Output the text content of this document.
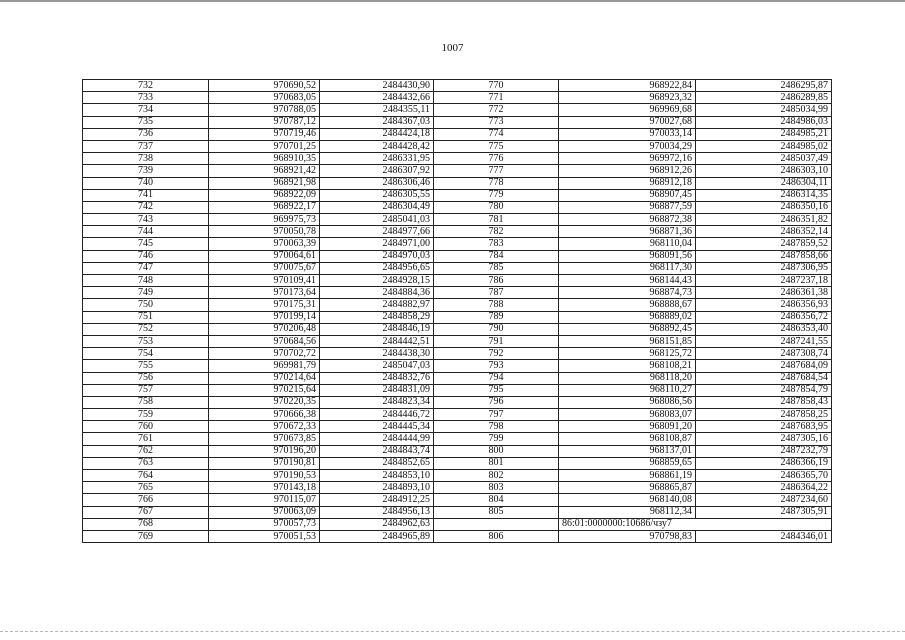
1007
732	970690,52	2484430,90	770	968922,84	2486295,87
733	970683,05	2484432,66	771	968923,32	2486289,85
734	970788,05	2484355,11	772	969969,68	2485034,99
735	970787,12	2484367,03	773	970027,68	2484986,03
736	970719,46	2484424,18	774	970033,14	2484985,21
737	970701,25	2484428,42	775	970034,29	2484985,02
738	968910,35	2486331,95	776	969972,16	2485037,49
739	968921,42	2486307,92	777	968912,26	2486303,10
740	968921,98	2486306,46	778	968912,18	2486304,11
741	968922,09	2486305,55	779	968907,45	2486314,35
742	968922,17	2486304,49	780	968877,59	2486350,16
743	969975,73	2485041,03	781	968872,38	2486351,82
744	970050,78	2484977,66	782	968871,36	2486352,14
745	970063,39	2484971,00	783	968110,04	2487859,52
746	970064,61	2484970,03	784	968091,56	2487858,66
747	970075,67	2484956,65	785	968117,30	2487306,95
748	970109,41	2484928,15	786	968144,43	2487237,18
749	970173,64	2484884,36	787	968874,73	2486361,38
750	970175,31	2484882,97	788	968888,67	2486356,93
751	970199,14	2484858,29	789	968889,02	2486356,72
752	970206,48	2484846,19	790	968892,45	2486353,40
753	970684,56	2484442,51	791	968151,85	2487241,55
754	970702,72	2484438,30	792	968125,72	2487308,74
755	969981,79	2485047,03	793	968108,21	2487684,09
756	970214,64	2484832,76	794	968118,20	2487684,54
757	970215,64	2484831,09	795	968110,27	2487854,79
758	970220,35	2484823,34	796	968086,56	2487858,43
759	970666,38	2484446,72	797	968083,07	2487858,25
760	970672,33	2484445,34	798	968091,20	2487683,95
761	970673,85	2484444,99	799	968108,87	2487305,16
762	970196,20	2484843,74	800	968137,01	2487232,79
763	970190,81	2484852,65	801	968859,65	2486366,19
764	970190,53	2484853,10	802	968861,19	2486365,70
765	970143,18	2484893,10	803	968865,87	2486364,22
766	970115,07	2484912,25	804	968140,08	2487234,60
767	970063,09	2484956,13	805	968112,34	2487305,91
768	970057,73	2484962,63		86:01:0000000:10686/чзу7	
769	970051,53	2484965,89	806	970798,83	2484346,01
